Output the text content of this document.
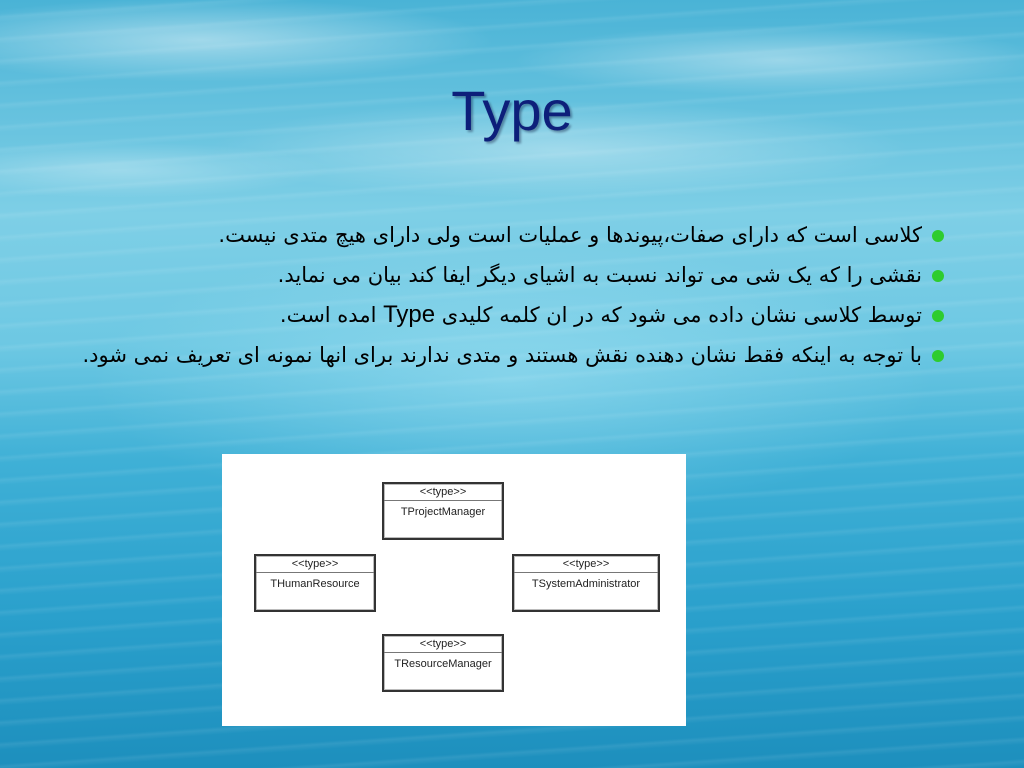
Type
کلاسی است که دارای صفات،پیوندها و عملیات است ولی دارای هیچ متدی نیست.
نقشی را که یک شی می تواند نسبت به اشیای دیگر ایفا کند بیان می نماید.
توسط کلاسی نشان داده می شود که در ان کلمه کلیدی Type امده است.
با توجه به اینکه فقط نشان دهنده نقش هستند و متدی ندارند برای انها نمونه ای تعریف نمی شود.
<<type>>
TProjectManager
<<type>>
THumanResource
<<type>>
TSystemAdministrator
<<type>>
TResourceManager
